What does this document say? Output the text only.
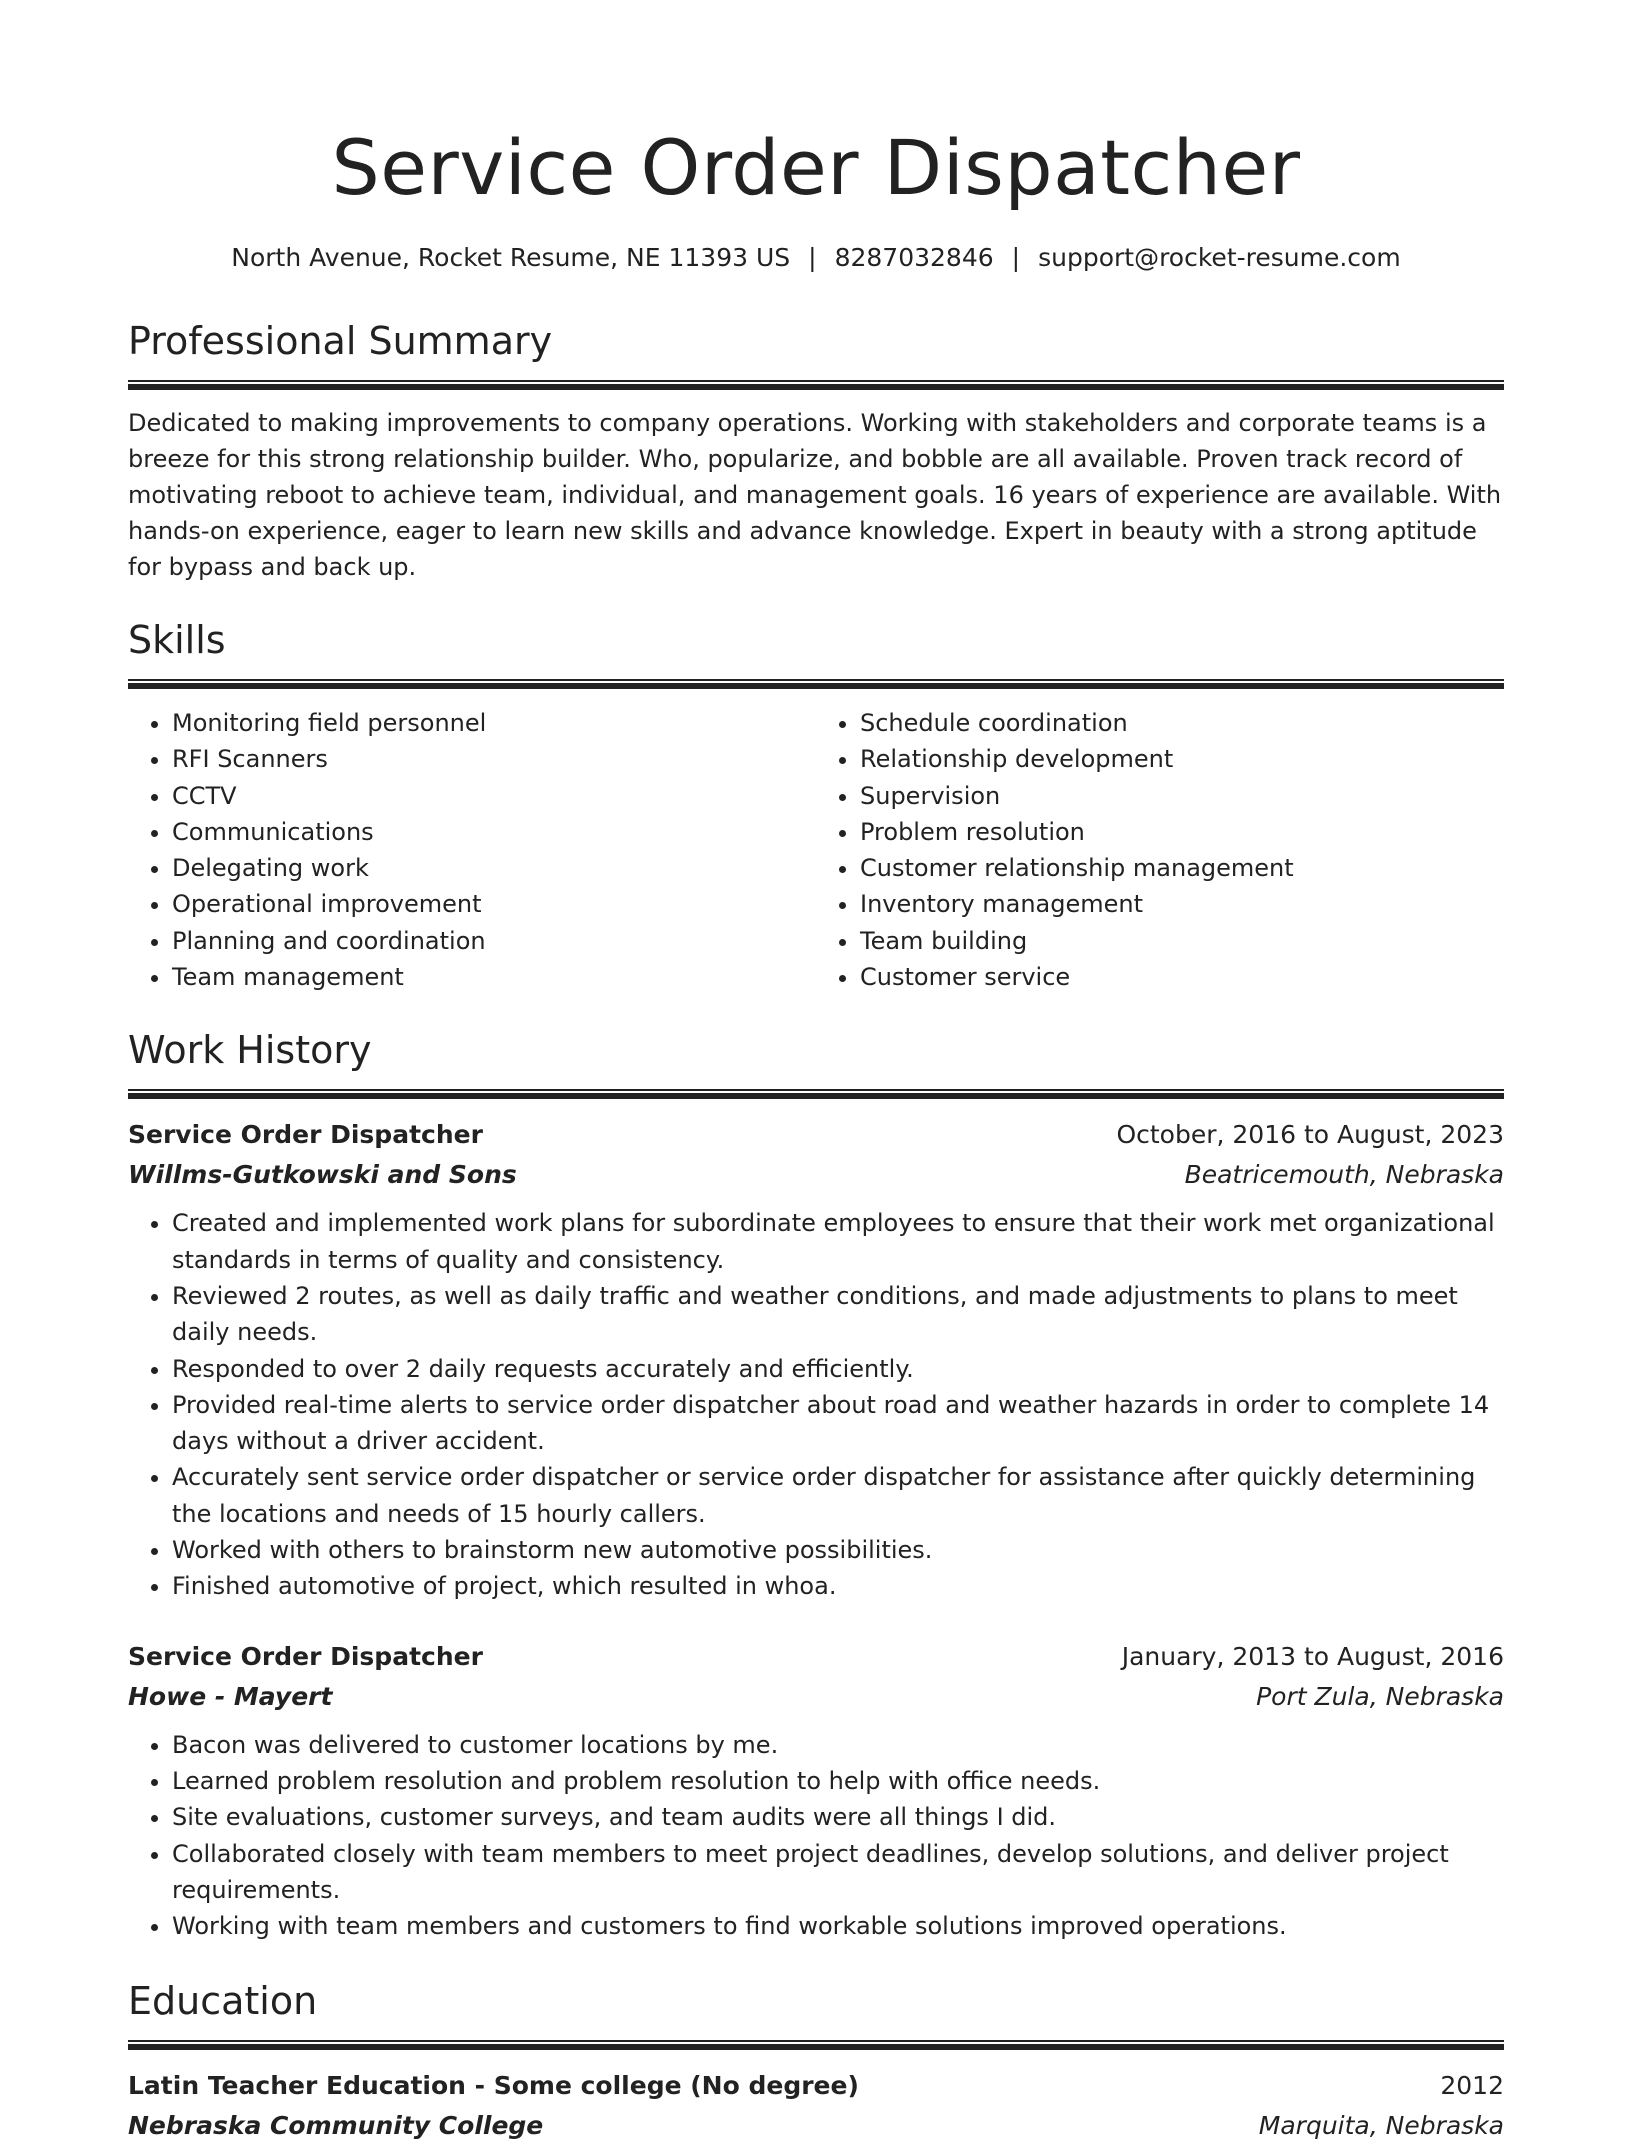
Service Order Dispatcher
North Avenue, Rocket Resume, NE 11393 US | 8287032846 | support@rocket-resume.com
Professional Summary

Dedicated to making improvements to company operations. Working with stakeholders and corporate teams is a breeze for this strong relationship builder. Who, popularize, and bobble are all available. Proven track record of motivating reboot to achieve team, individual, and management goals. 16 years of experience are available. With hands-on experience, eager to learn new skills and advance knowledge. Expert in beauty with a strong aptitude for bypass and back up.

Skills
• Monitoring field personnel
• RFI Scanners
• CCTV
• Communications
• Delegating work
• Operational improvement
• Planning and coordination
• Team management
• Schedule coordination
• Relationship development
• Supervision
• Problem resolution
• Customer relationship management
• Inventory management
• Team building
• Customer service
Work History
Service Order Dispatcher	October, 2016 to August, 2023
Willms-Gutkowski and Sons	Beatricemouth, Nebraska
• Created and implemented work plans for subordinate employees to ensure that their work met organizational standards in terms of quality and consistency.
• Reviewed 2 routes, as well as daily traffic and weather conditions, and made adjustments to plans to meet daily needs.
• Responded to over 2 daily requests accurately and efficiently.
• Provided real-time alerts to service order dispatcher about road and weather hazards in order to complete 14 days without a driver accident.
• Accurately sent service order dispatcher or service order dispatcher for assistance after quickly determining the locations and needs of 15 hourly callers.
• Worked with others to brainstorm new automotive possibilities.
• Finished automotive of project, which resulted in whoa.
Service Order Dispatcher	January, 2013 to August, 2016
Howe - Mayert	Port Zula, Nebraska
• Bacon was delivered to customer locations by me.
• Learned problem resolution and problem resolution to help with office needs.
• Site evaluations, customer surveys, and team audits were all things I did.
• Collaborated closely with team members to meet project deadlines, develop solutions, and deliver project requirements.
• Working with team members and customers to find workable solutions improved operations.
Education
Latin Teacher Education - Some college (No degree)	2012
Nebraska Community College	Marquita, Nebraska
